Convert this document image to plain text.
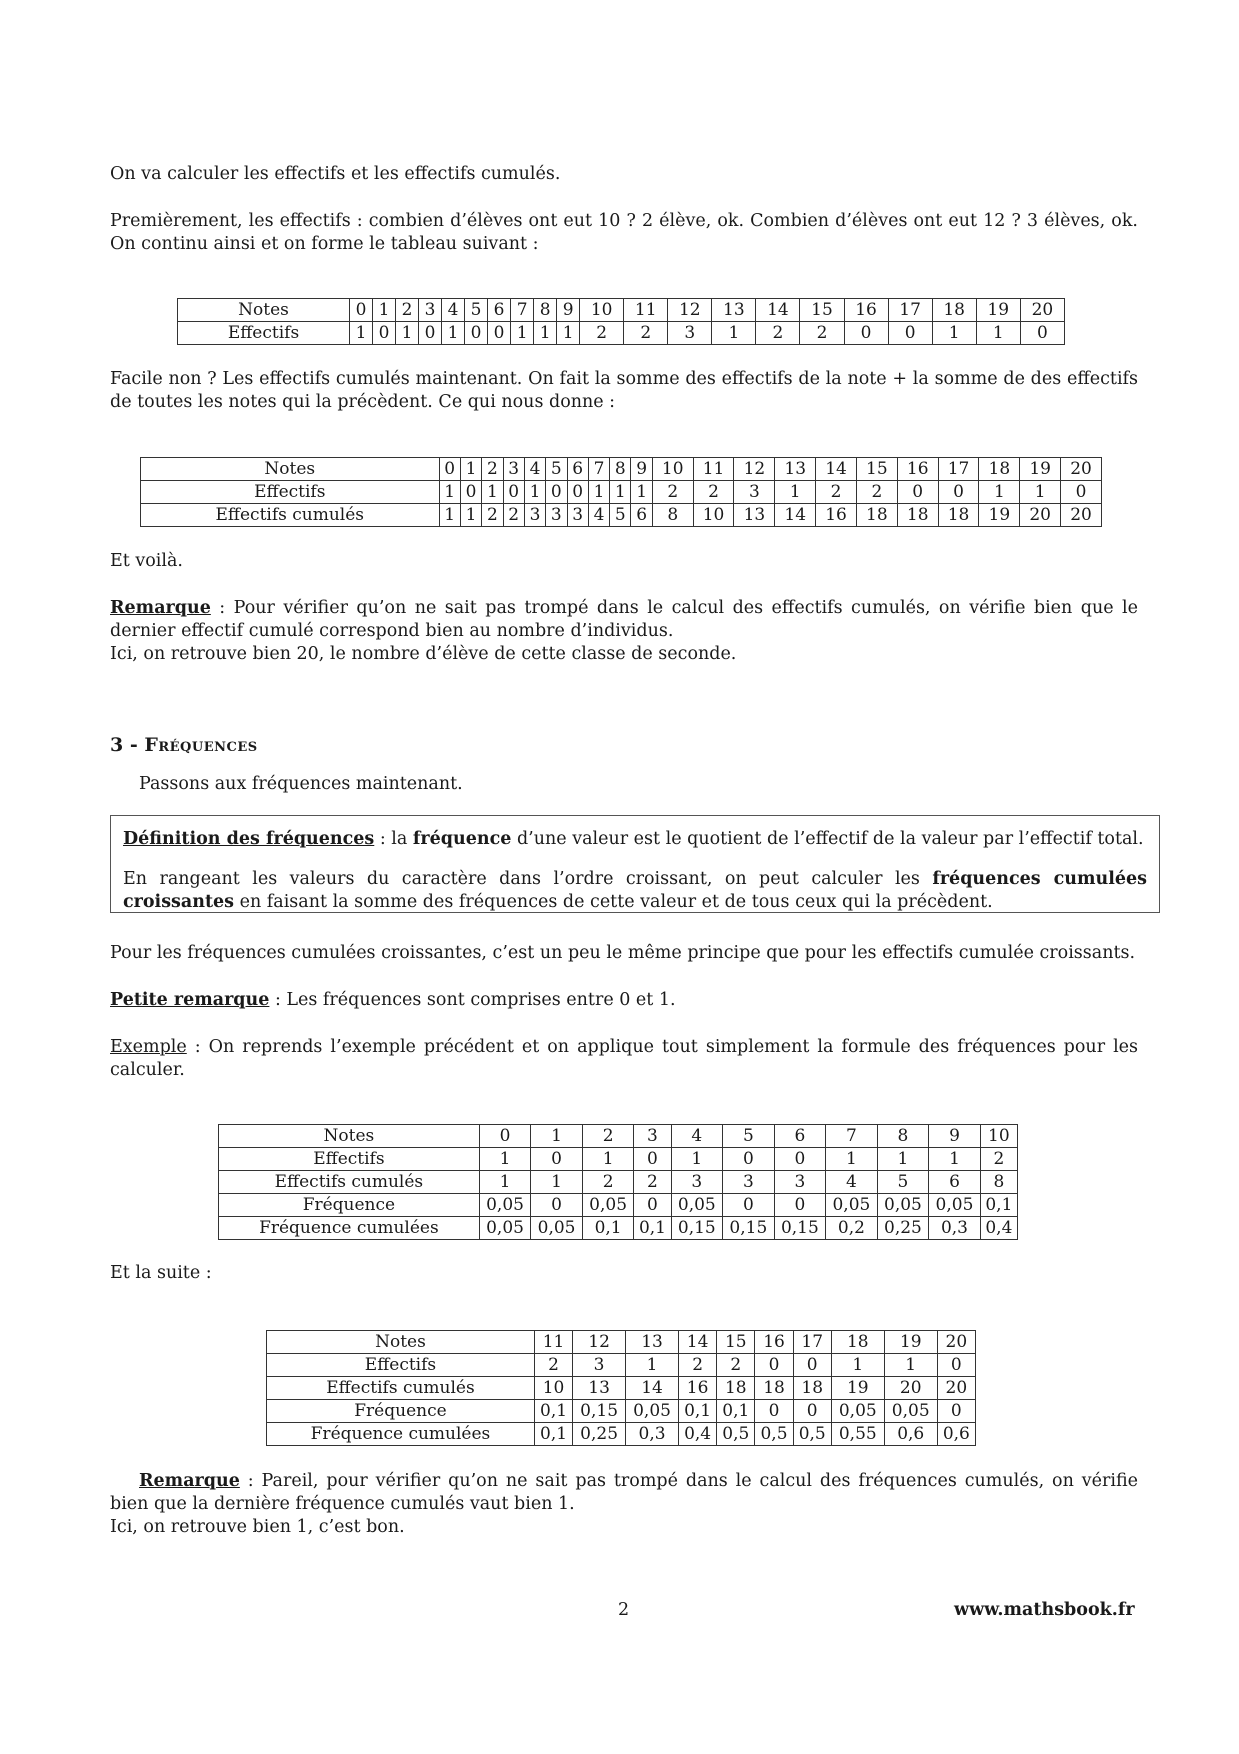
On va calculer les effectifs et les effectifs cumulés.

Premièrement, les effectifs : combien d’élèves ont eut 10 ? 2 élève, ok. Combien d’élèves ont eut 12 ? 3 élèves, ok. On continu ainsi et on forme le tableau suivant :

Notes	0	1	2	3	4	5	6	7	8	9	10	11	12	13	14	15	16	17	18	19	20
Effectifs	1	0	1	0	1	0	0	1	1	1	2	2	3	1	2	2	0	0	1	1	0

Facile non ? Les effectifs cumulés maintenant. On fait la somme des effectifs de la note + la somme de des effectifs de toutes les notes qui la précèdent. Ce qui nous donne :

Notes	0	1	2	3	4	5	6	7	8	9	10	11	12	13	14	15	16	17	18	19	20
Effectifs	1	0	1	0	1	0	0	1	1	1	2	2	3	1	2	2	0	0	1	1	0
Effectifs cumulés	1	1	2	2	3	3	3	4	5	6	8	10	13	14	16	18	18	18	19	20	20

Et voilà.

Remarque : Pour vérifier qu’on ne sait pas trompé dans le calcul des effectifs cumulés, on vérifie bien que le dernier effectif cumulé correspond bien au nombre d’individus.
Ici, on retrouve bien 20, le nombre d’élève de cette classe de seconde.

3 - Fréquences

Passons aux fréquences maintenant.

Définition des fréquences : la fréquence d’une valeur est le quotient de l’effectif de la valeur par l’effectif total.

En rangeant les valeurs du caractère dans l’ordre croissant, on peut calculer les fréquences cumulées croissantes en faisant la somme des fréquences de cette valeur et de tous ceux qui la précèdent.

Pour les fréquences cumulées croissantes, c’est un peu le même principe que pour les effectifs cumulée croissants.

Petite remarque : Les fréquences sont comprises entre 0 et 1.

Exemple : On reprends l’exemple précédent et on applique tout simplement la formule des fréquences pour les calculer.

Notes	0	1	2	3	4	5	6	7	8	9	10
Effectifs	1	0	1	0	1	0	0	1	1	1	2
Effectifs cumulés	1	1	2	2	3	3	3	4	5	6	8
Fréquence	0,05	0	0,05	0	0,05	0	0	0,05	0,05	0,05	0,1
Fréquence cumulées	0,05	0,05	0,1	0,1	0,15	0,15	0,15	0,2	0,25	0,3	0,4

Et la suite :

Notes	11	12	13	14	15	16	17	18	19	20
Effectifs	2	3	1	2	2	0	0	1	1	0
Effectifs cumulés	10	13	14	16	18	18	18	19	20	20
Fréquence	0,1	0,15	0,05	0,1	0,1	0	0	0,05	0,05	0
Fréquence cumulées	0,1	0,25	0,3	0,4	0,5	0,5	0,5	0,55	0,6	0,6

Remarque : Pareil, pour vérifier qu’on ne sait pas trompé dans le calcul des fréquences cumulés, on vérifie bien que la dernière fréquence cumulés vaut bien 1.
Ici, on retrouve bien 1, c’est bon.

2	www.mathsbook.fr
